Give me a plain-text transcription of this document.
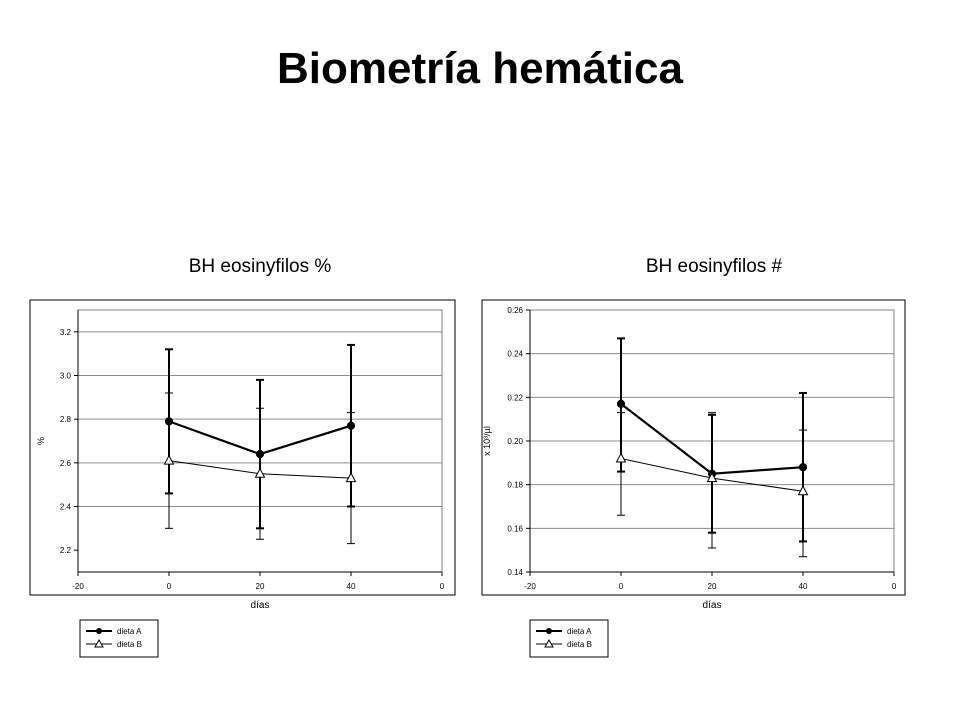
Biometría hemática
BH eosinyfilos %
2.2
2.4
2.6
2.8
3.0
3.2
-20	0	20	40	0
días
%
dieta A
dieta B
BH eosinyfilos #
0.14
0.16
0.18
0.20
0.22
0.24
0.26
-20	0	20	40	0
días
x 10³/µl
dieta A
dieta B
